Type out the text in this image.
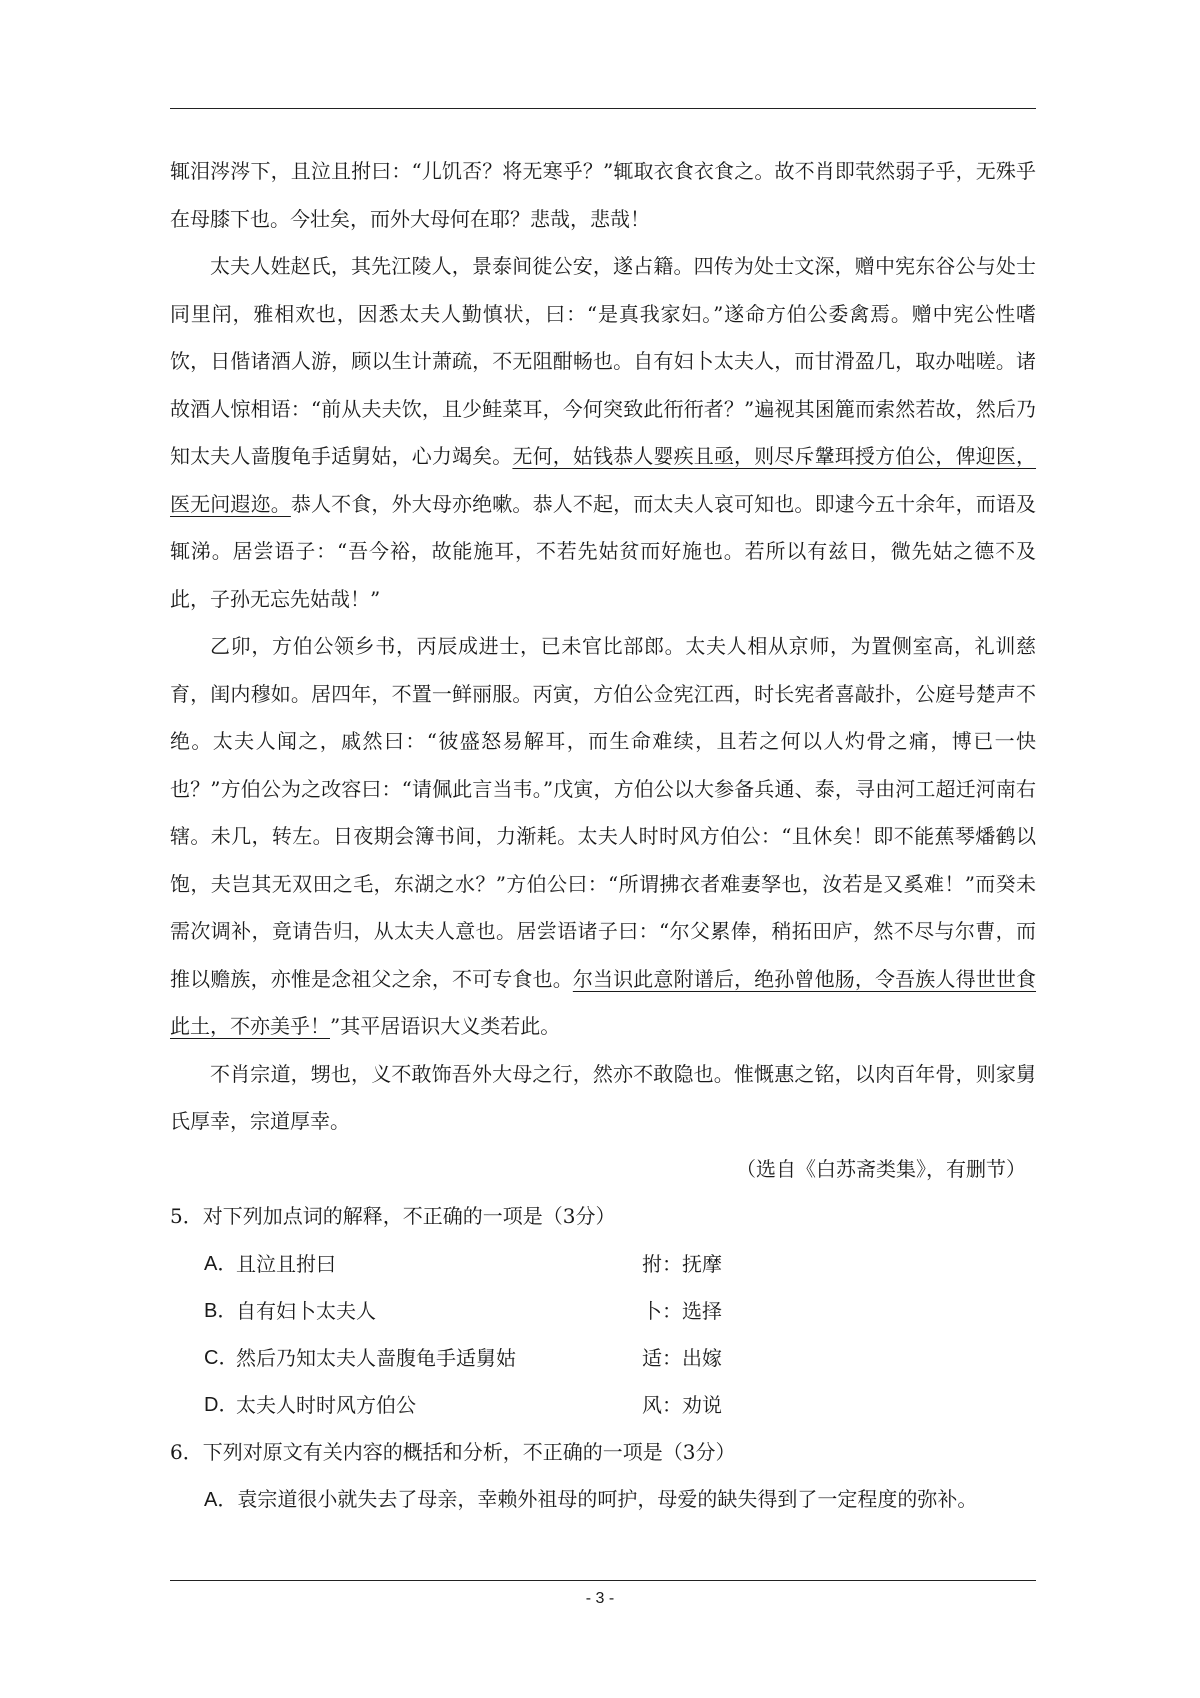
辄泪涔涔下，且泣且拊曰：“儿饥否？将无寒乎？”辄取衣食衣食之。故不肖即茕然弱子乎，无殊乎在母膝下也。今壮矣，而外大母何在耶？悲哉，悲哉！

太夫人姓赵氏，其先江陵人，景泰间徙公安，遂占籍。四传为处士文深，赠中宪东谷公与处士同里闬，雅相欢也，因悉太夫人勤慎状，曰：“是真我家妇。”遂命方伯公委禽焉。赠中宪公性嗜饮，日偕诸酒人游，顾以生计萧疏，不无阻酣畅也。自有妇卜太夫人，而甘滑盈几，取办咄嗟。诸故酒人惊相语：“前从夫夫饮，且少鲑菜耳，今何突致此衎衎者？”遍视其囷簏而索然若故，然后乃知太夫人啬腹龟手适舅姑，心力竭矣。无何，姑钱恭人婴疾且亟，则尽斥鞶珥授方伯公，俾迎医，医无问遐迩。恭人不食，外大母亦绝嗽。恭人不起，而太夫人哀可知也。即逮今五十余年，而语及辄涕。居尝语子：“吾今裕，故能施耳，不若先姑贫而好施也。若所以有兹日，微先姑之德不及此，子孙无忘先姑哉！”

乙卯，方伯公领乡书，丙辰成进士，已未官比部郎。太夫人相从京师，为置侧室高，礼训慈育，闺内穆如。居四年，不置一鲜丽服。丙寅，方伯公佥宪江西，时长宪者喜敲扑，公庭号楚声不绝。太夫人闻之，戚然曰：“彼盛怒易解耳，而生命难续，且若之何以人灼骨之痛，博已一快也？”方伯公为之改容曰：“请佩此言当韦。”戊寅，方伯公以大参备兵通、泰，寻由河工超迁河南右辖。未几，转左。日夜期会簿书间，力渐耗。太夫人时时风方伯公：“且休矣！即不能蕉琴燔鹤以饱，夫岂其无双田之毛，东湖之水？”方伯公曰：“所谓拂衣者难妻孥也，汝若是又奚难！”而癸未需次调补，竟请告归，从太夫人意也。居尝语诸子曰：“尔父累俸，稍拓田庐，然不尽与尔曹，而推以赡族，亦惟是念祖父之余，不可专食也。尔当识此意附谱后，绝孙曾他肠，令吾族人得世世食此土，不亦美乎！”其平居语识大义类若此。

不肖宗道，甥也，义不敢饰吾外大母之行，然亦不敢隐也。惟慨惠之铭，以肉百年骨，则家舅氏厚幸，宗道厚幸。

（选自《白苏斋类集》，有删节）

5．对下列加点词的解释，不正确的一项是（3分）

A．
且泣且拊曰	拊：抚摩
B．
自有妇卜太夫人	卜：选择
C．
然后乃知太夫人啬腹龟手适舅姑	适：出嫁
D．
太夫人时时风方伯公	风：劝说

6．下列对原文有关内容的概括和分析，不正确的一项是（3分）

A．袁宗道很小就失去了母亲，幸赖外祖母的呵护，母爱的缺失得到了一定程度的弥补。

- 3 -
